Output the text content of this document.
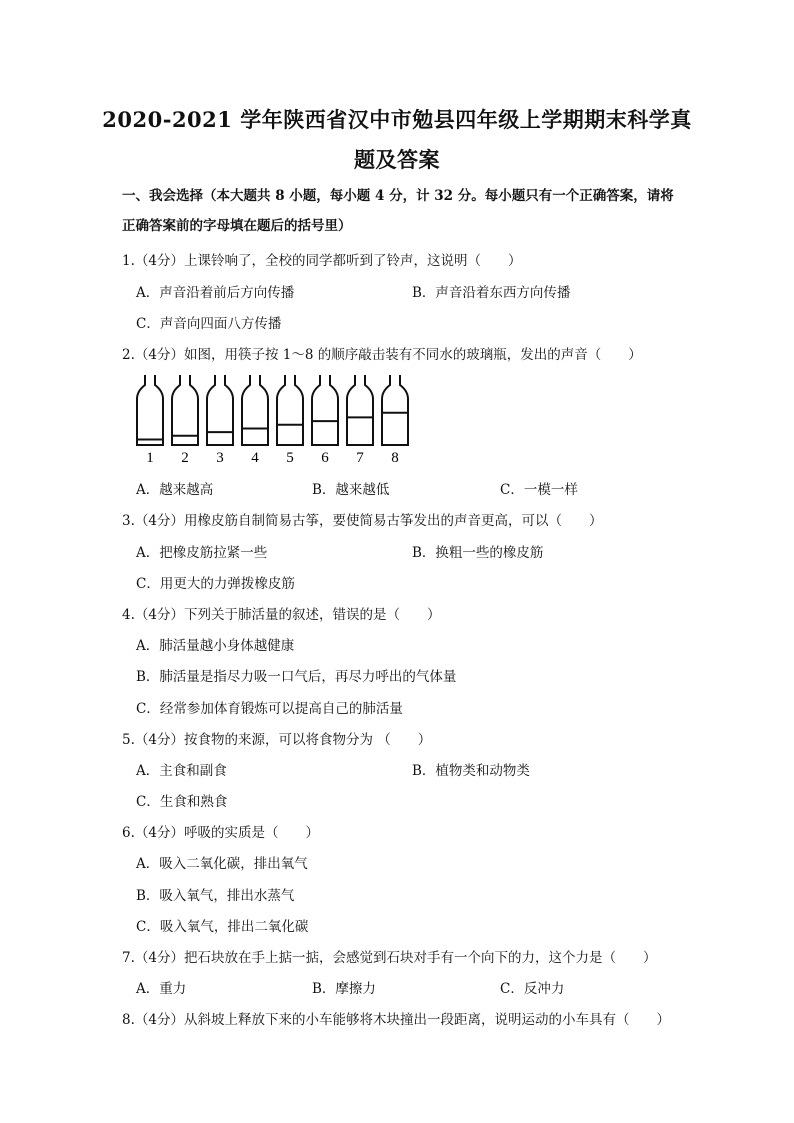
2020-2021 学年陕西省汉中市勉县四年级上学期期末科学真
题及答案
一、我会选择（本大题共 8 小题，每小题 4 分，计 32 分。每小题只有一个正确答案，请将正确答案前的字母填在题后的括号里）
1.（4分）上课铃响了，全校的同学都听到了铃声，这说明（　　）
A．声音沿着前后方向传播	B．声音沿着东西方向传播
C．声音向四面八方传播
2.（4分）如图，用筷子按 1～8 的顺序敲击装有不同水的玻璃瓶，发出的声音（　　）
1 2 3 4 5 6 7 8
A．越来越高	B．越来越低	C．一模一样
3.（4分）用橡皮筋自制简易古筝，要使简易古筝发出的声音更高，可以（　　）
A．把橡皮筋拉紧一些	B．换粗一些的橡皮筋
C．用更大的力弹拨橡皮筋
4.（4分）下列关于肺活量的叙述，错误的是（　　）
A．肺活量越小身体越健康
B．肺活量是指尽力吸一口气后，再尽力呼出的气体量
C．经常参加体育锻炼可以提高自己的肺活量
5.（4分）按食物的来源，可以将食物分为 （　　）
A．主食和副食	B．植物类和动物类
C．生食和熟食
6.（4分）呼吸的实质是（　　）
A．吸入二氧化碳，排出氧气
B．吸入氧气，排出水蒸气
C．吸入氧气，排出二氧化碳
7.（4分）把石块放在手上掂一掂，会感觉到石块对手有一个向下的力，这个力是（　　）
A．重力	B．摩擦力	C．反冲力
8.（4分）从斜坡上释放下来的小车能够将木块撞出一段距离，说明运动的小车具有（　　）
